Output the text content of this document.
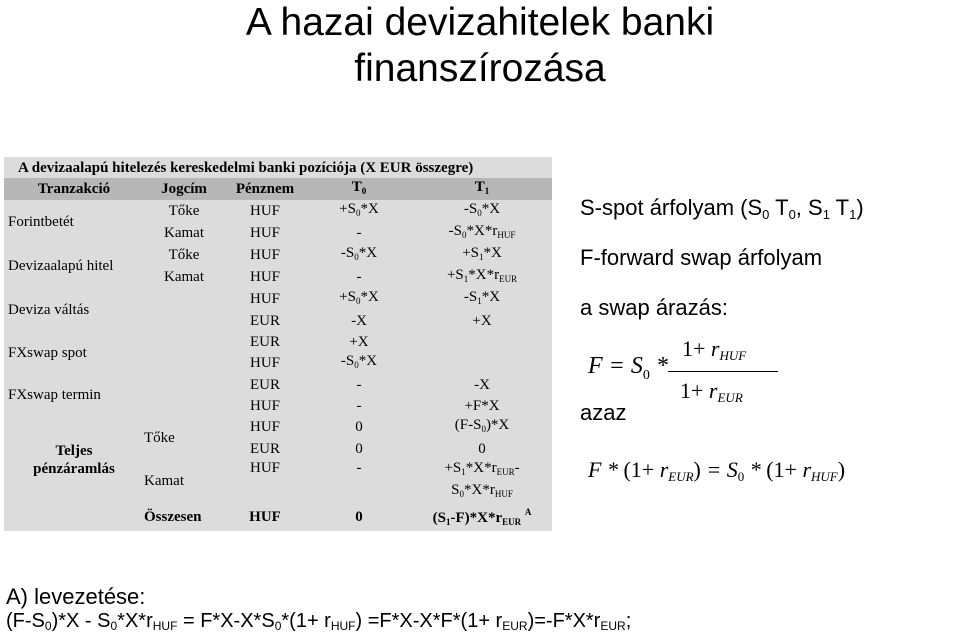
A hazai devizahitelek banki
finanszírozása
A devizaalapú hitelezés kereskedelmi banki pozíciója (X EUR összegre)				
Tranzakció	Jogcím	Pénznem	$T_0$	$T_1$
Forintbetét	Tőke	HUF	$+S_0*X$	$-S_0*X$
	Kamat	HUF	-	$-S_0*X*r_{HUF}$
Devizaalapú hitel	Tőke	HUF	$-S_0*X$	$+S_1*X$
	Kamat	HUF	-	$+S_1*X*r_{EUR}$
Deviza váltás		HUF	$+S_0*X$	$-S_1*X$
		EUR	-X	+X
FXswap spot		EUR	+X	
		HUF	$-S_0*X$	
FXswap termin		EUR	-	-X
		HUF	-	+F*X
Teljes
pénzáramlás	Tőke	HUF	0	$(F-S_0)*X$
		EUR	0	0
	Kamat	HUF	-	$+S_1*X*r_{EUR}-$
				$S_0*X*r_{HUF}$
	Összesen	HUF	0	$(S_1-F)*X*r_{EUR}$ $^A$

S-spot árfolyam ($S_0$ $T_0$, $S_1$ $T_1$)

F-forward swap árfolyam

a swap árazás:

$F = S_0$ *
$1+ r_{HUF}$
$1+ r_{EUR}$

azaz

$F * (1+ r_{EUR}) = S_0 * (1+ r_{HUF})$

A) levezetése:

$(F-S_0)*X - S_0*X*r_{HUF} = F*X-X*S_0*(1+ r_{HUF}) =F*X-X*F*(1+ r_{EUR})=-F*X*r_{EUR}$;
